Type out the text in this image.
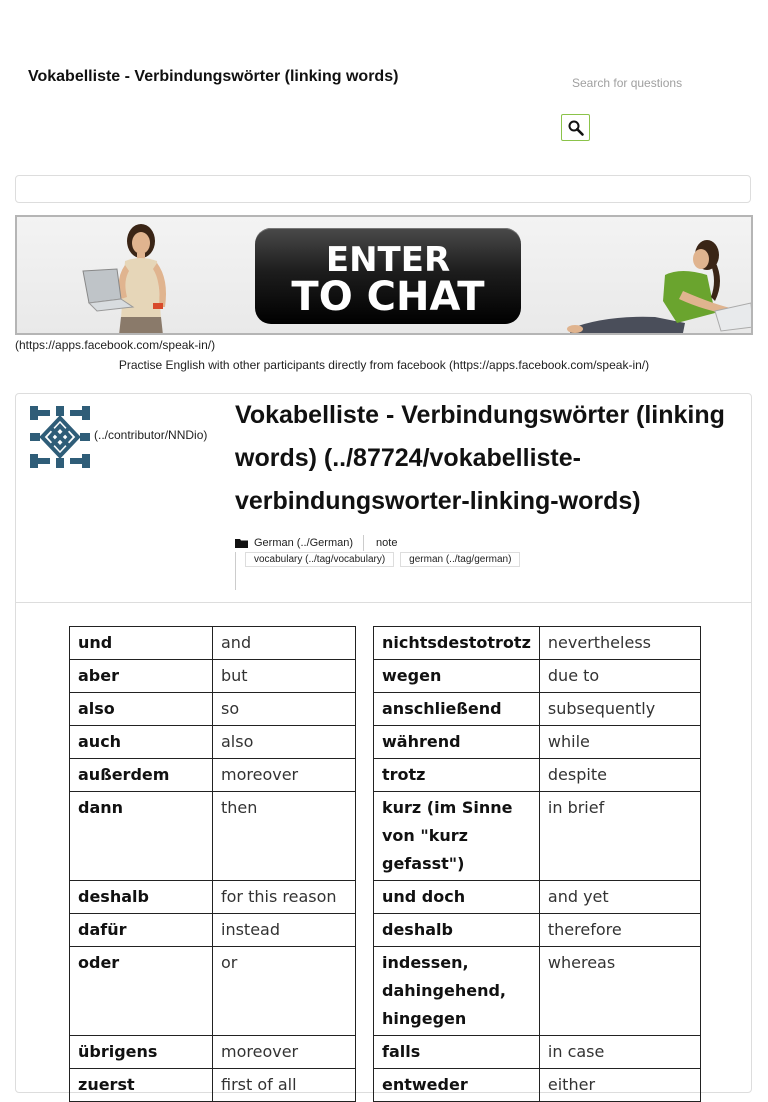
Vokabelliste - Verbindungswörter (linking words)
Search for questions
ENTER
TO CHAT
(https://apps.facebook.com/speak-in/)
Practise English with other participants directly from facebook (https://apps.facebook.com/speak-in/)
(../contributor/NNDio)
Vokabelliste - Verbindungswörter (linking words) (../87724/vokabelliste-verbindungsworter-linking-words)
German (../German) note
vocabulary (../tag/vocabulary)	german (../tag/german)
und	and
aber	but
also	so
auch	also
außerdem	moreover
dann	then
deshalb	for this reason
dafür	instead
oder	or
übrigens	moreover
zuerst	first of all
nichtsdestotrotz	nevertheless
wegen	due to
anschließend	subsequently
während	while
trotz	despite
kurz (im Sinne von "kurz gefasst")	in brief
und doch	and yet
deshalb	therefore
indessen, dahingehend, hingegen	whereas
falls	in case
entweder	either
